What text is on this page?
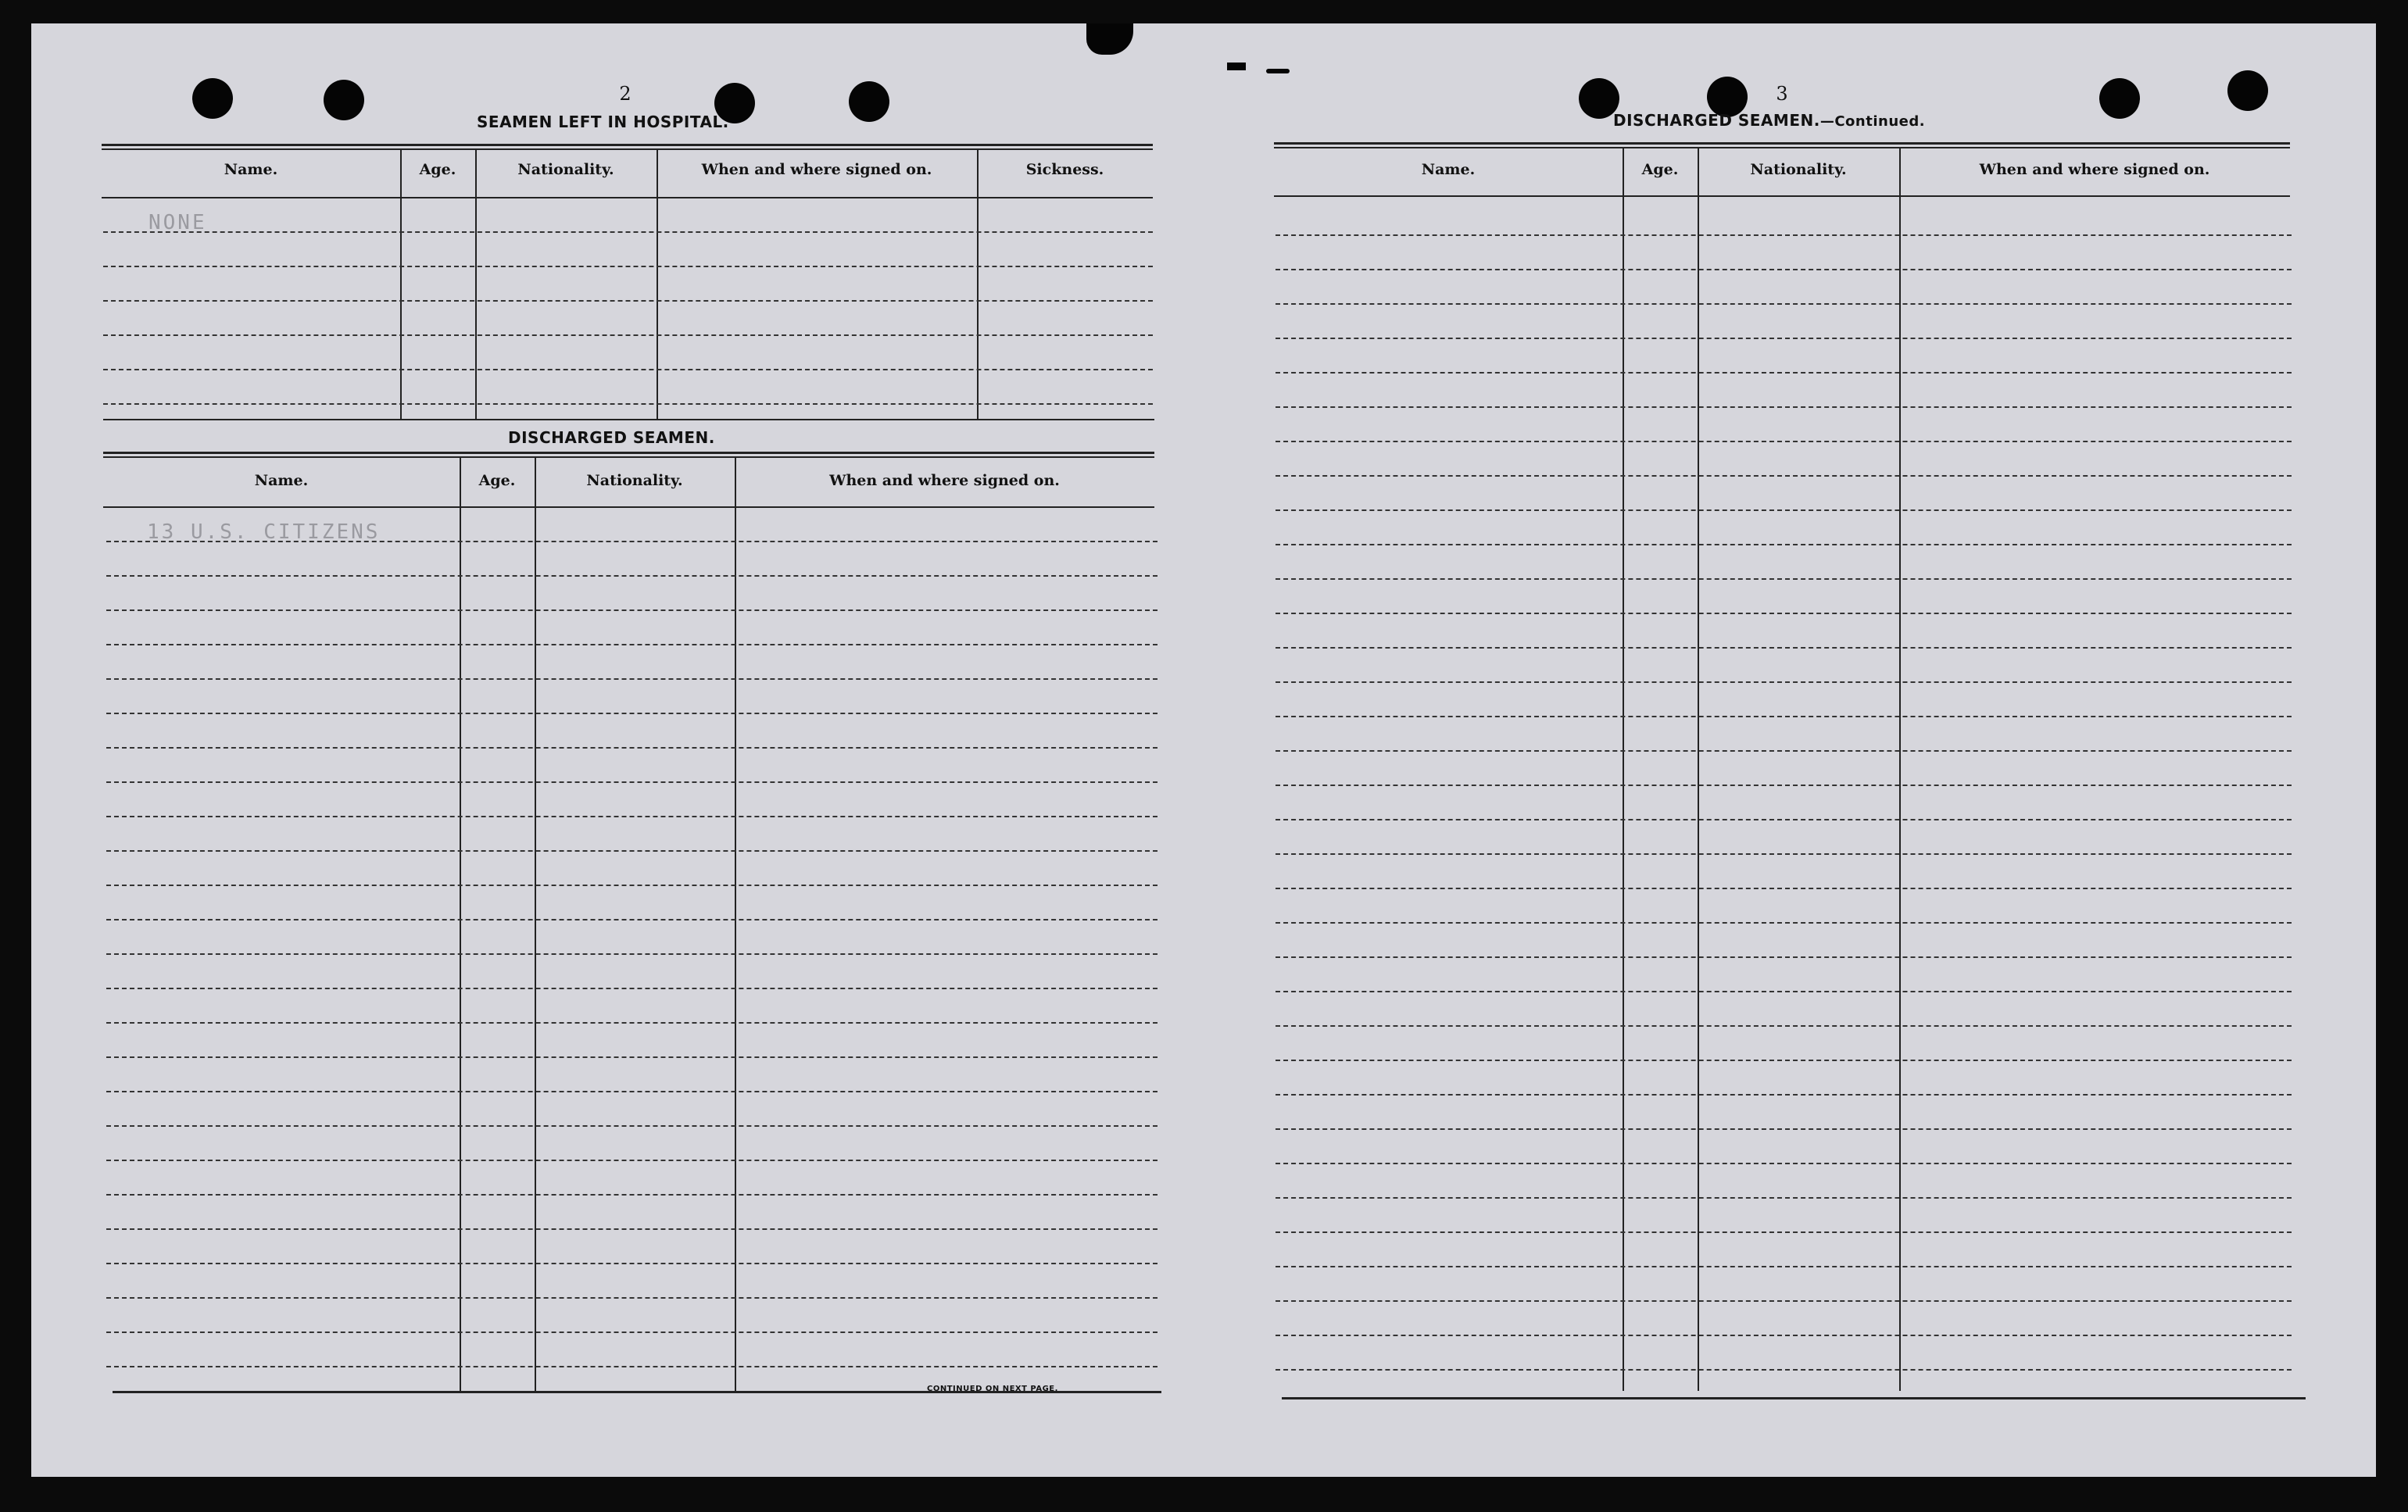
2
SEAMEN LEFT IN HOSPITAL.
Name.	Age.	Nationality.	When and where signed on.	Sickness.
NONE
DISCHARGED SEAMEN.
Name.	Age.	Nationality.	When and where signed on.
13 U.S. CITIZENS
CONTINUED ON NEXT PAGE.
3
DISCHARGED SEAMEN.—Continued.
Name.	Age.	Nationality.	When and where signed on.
